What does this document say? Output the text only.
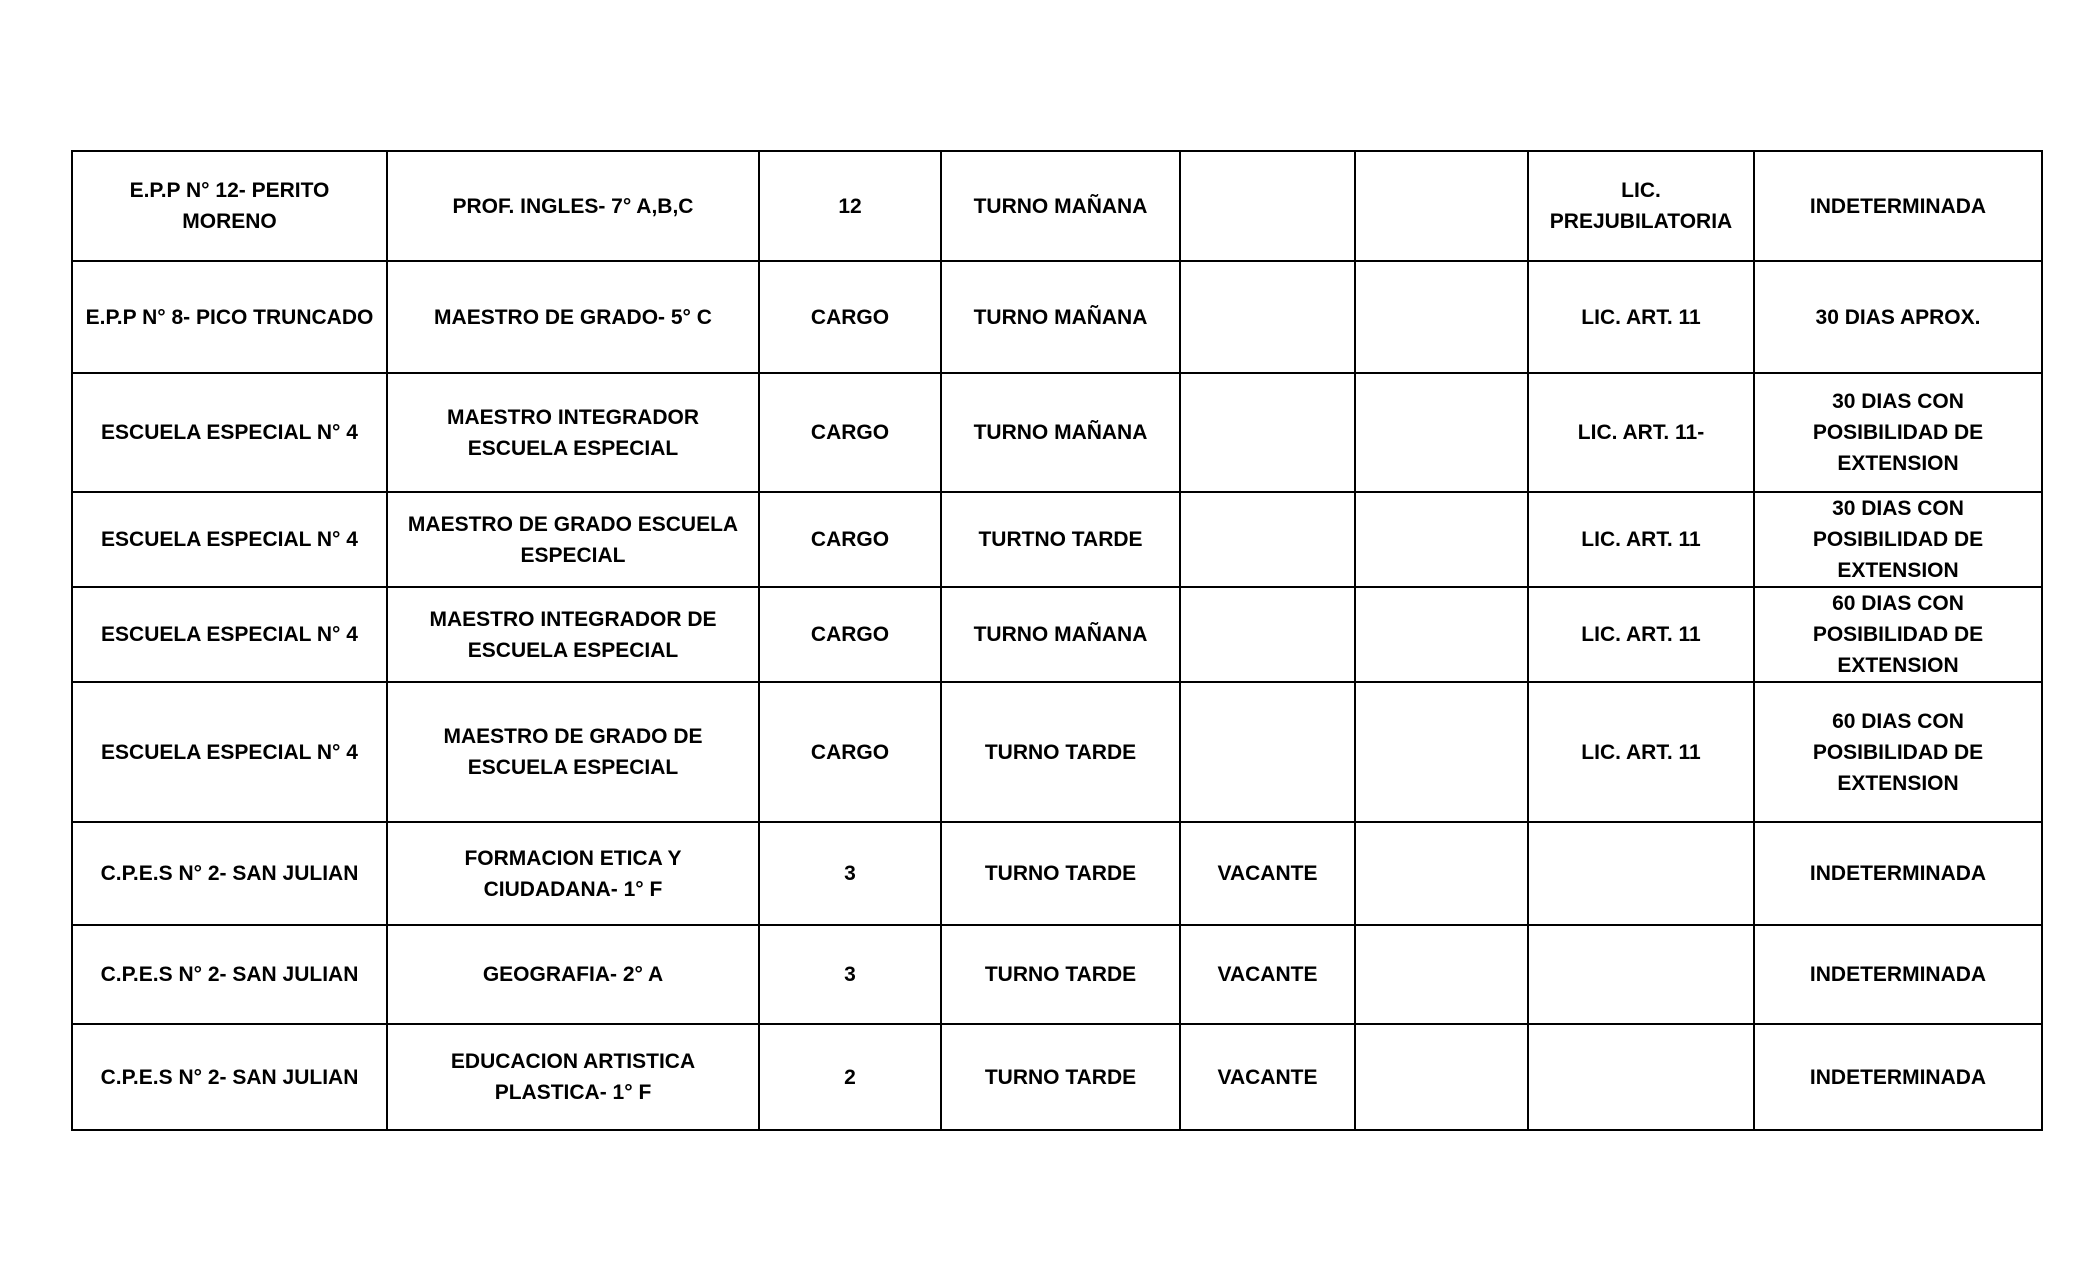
E.P.P N° 12- PERITO MORENO	PROF. INGLES- 7° A,B,C	12	TURNO MAÑANA			LIC. PREJUBILATORIA	INDETERMINADA
E.P.P N° 8- PICO TRUNCADO	MAESTRO DE GRADO- 5° C	CARGO	TURNO MAÑANA			LIC. ART. 11	30 DIAS APROX.
ESCUELA ESPECIAL N° 4	MAESTRO INTEGRADOR ESCUELA ESPECIAL	CARGO	TURNO MAÑANA			LIC. ART. 11-	30 DIAS CON POSIBILIDAD DE EXTENSION
ESCUELA ESPECIAL N° 4	MAESTRO DE GRADO ESCUELA ESPECIAL	CARGO	TURTNO TARDE			LIC. ART. 11	30 DIAS CON POSIBILIDAD DE EXTENSION
ESCUELA ESPECIAL N° 4	MAESTRO INTEGRADOR DE ESCUELA ESPECIAL	CARGO	TURNO MAÑANA			LIC. ART. 11	60 DIAS CON POSIBILIDAD DE EXTENSION
ESCUELA ESPECIAL N° 4	MAESTRO DE GRADO DE ESCUELA ESPECIAL	CARGO	TURNO TARDE			LIC. ART. 11	60 DIAS CON POSIBILIDAD DE EXTENSION
C.P.E.S N° 2- SAN JULIAN	FORMACION ETICA Y CIUDADANA- 1° F	3	TURNO TARDE	VACANTE			INDETERMINADA
C.P.E.S N° 2- SAN JULIAN	GEOGRAFIA- 2° A	3	TURNO TARDE	VACANTE			INDETERMINADA
C.P.E.S N° 2- SAN JULIAN	EDUCACION ARTISTICA PLASTICA- 1° F	2	TURNO TARDE	VACANTE			INDETERMINADA
